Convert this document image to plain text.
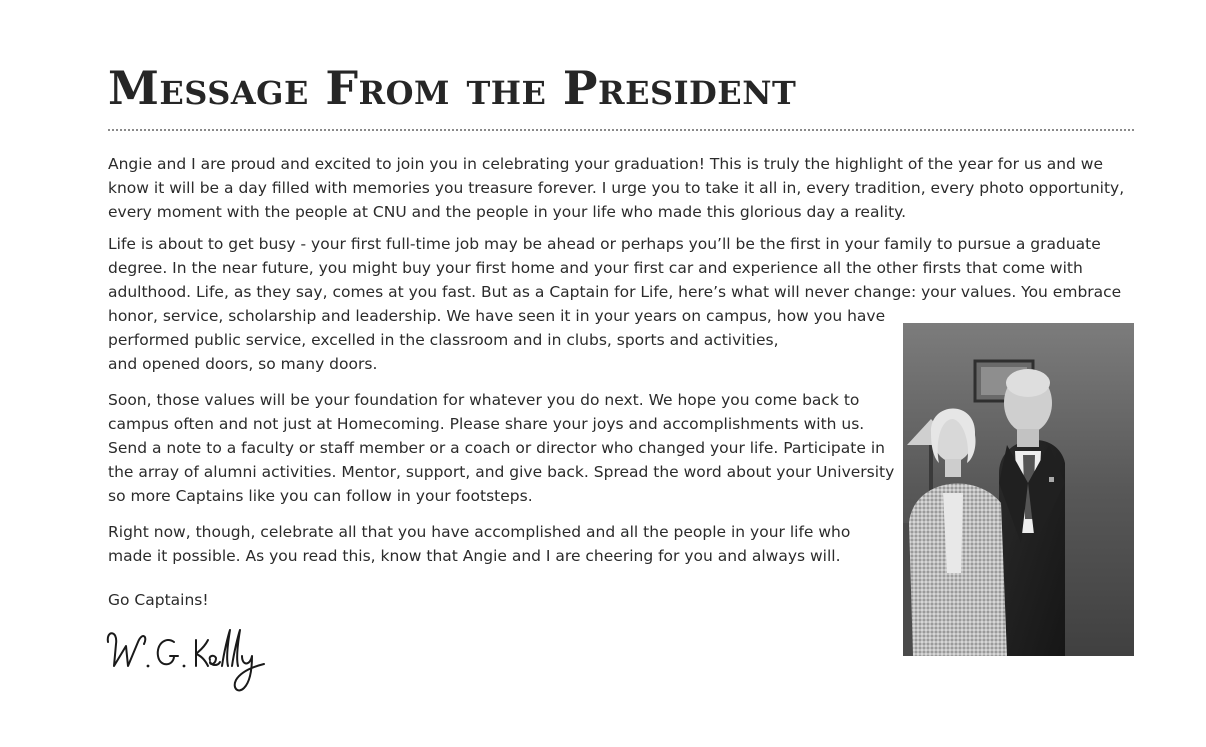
Message From the President

Angie and I are proud and excited to join you in celebrating your graduation! This is truly the highlight of the year for us and we
know it will be a day filled with memories you treasure forever. I urge you to take it all in, every tradition, every photo opportunity,
every moment with the people at CNU and the people in your life who made this glorious day a reality.

Life is about to get busy - your first full-time job may be ahead or perhaps you’ll be the first in your family to pursue a graduate
degree. In the near future, you might buy your first home and your first car and experience all the other firsts that come with
adulthood. Life, as they say, comes at you fast. But as a Captain for Life, here’s what will never change: your values. You embrace
honor, service, scholarship and leadership. We have seen it in your years on campus, how you have
performed public service, excelled in the classroom and in clubs, sports and activities,
and opened doors, so many doors.

Soon, those values will be your foundation for whatever you do next. We hope you come back to
campus often and not just at Homecoming. Please share your joys and accomplishments with us.
Send a note to a faculty or staff member or a coach or director who changed your life. Participate in
the array of alumni activities. Mentor, support, and give back. Spread the word about your University
so more Captains like you can follow in your footsteps.

Right now, though, celebrate all that you have accomplished and all the people in your life who
made it possible. As you read this, know that Angie and I are cheering for you and always will.

Go Captains!
